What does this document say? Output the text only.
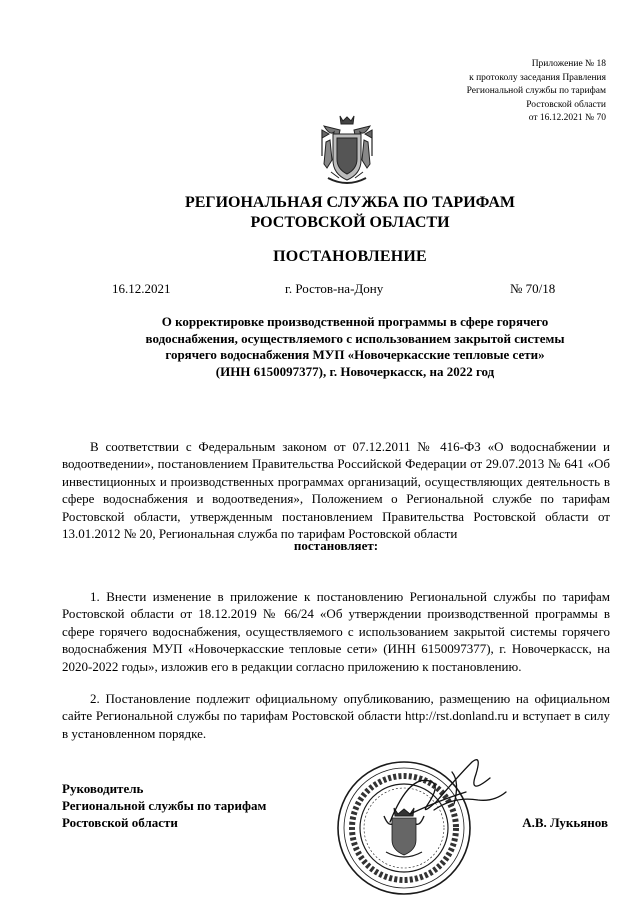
Приложение № 18
к протоколу заседания Правления
Региональной службы по тарифам
Ростовской области
от 16.12.2021 № 70
РЕГИОНАЛЬНАЯ СЛУЖБА ПО ТАРИФАМ
РОСТОВСКОЙ ОБЛАСТИ
ПОСТАНОВЛЕНИЕ
16.12.2021	г. Ростов-на-Дону	№ 70/18
О корректировке производственной программы в сфере горячего
водоснабжения, осуществляемого с использованием закрытой системы
горячего водоснабжения МУП «Новочеркасские тепловые сети»
(ИНН 6150097377), г. Новочеркасск, на 2022 год
В соответствии с Федеральным законом от 07.12.2011 № 416-ФЗ «О водоснабжении и водоотведении», постановлением Правительства Российской Федерации от 29.07.2013 № 641 «Об инвестиционных и производственных программах организаций, осуществляющих деятельность в сфере водоснабжения и водоотведения», Положением о Региональной службе по тарифам Ростовской области, утвержденным постановлением Правительства Ростовской области от 13.01.2012 № 20, Региональная служба по тарифам Ростовской области
постановляет:
1. Внести изменение в приложение к постановлению Региональной службы по тарифам Ростовской области от 18.12.2019 № 66/24 «Об утверждении производственной программы в сфере горячего водоснабжения, осуществляемого с использованием закрытой системы горячего водоснабжения МУП «Новочеркасские тепловые сети» (ИНН 6150097377), г. Новочеркасск, на 2020-2022 годы», изложив его в редакции согласно приложению к постановлению.
2. Постановление подлежит официальному опубликованию, размещению на официальном сайте Региональной службы по тарифам Ростовской области http://rst.donland.ru и вступает в силу в установленном порядке.
Руководитель
Региональной службы по тарифам
Ростовской области	А.В. Лукьянов
